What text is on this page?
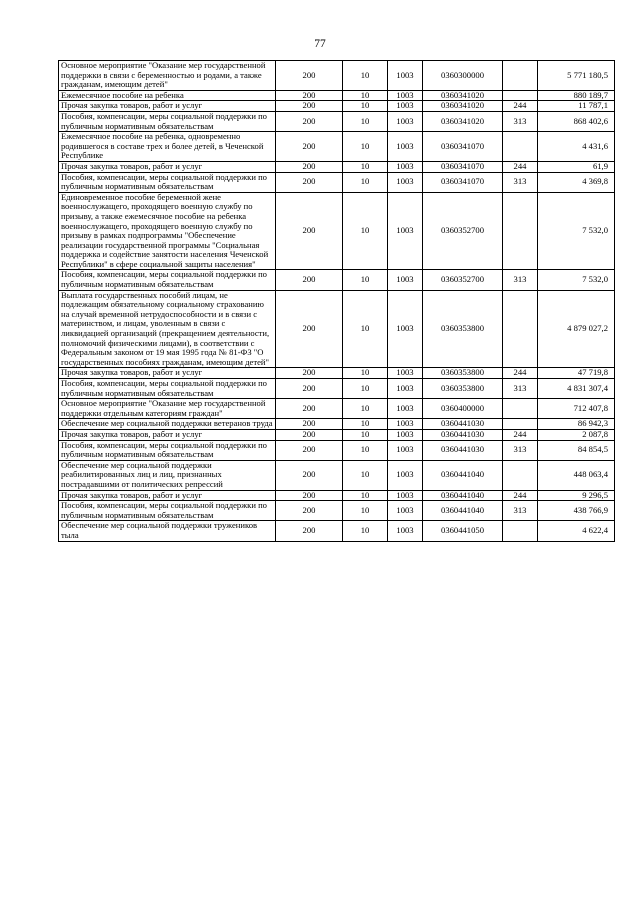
77
Основное мероприятие "Оказание мер государственной поддержки в связи с беременностью и родами, а также гражданам, имеющим детей"	200	10	1003	0360300000		5 771 180,5
Ежемесячное пособие на ребенка	200	10	1003	0360341020		880 189,7
Прочая закупка товаров, работ и услуг	200	10	1003	0360341020	244	11 787,1
Пособия, компенсации, меры социальной поддержки по публичным нормативным обязательствам	200	10	1003	0360341020	313	868 402,6
Ежемесячное пособие на ребенка, одновременно родившегося в составе трех и более детей, в Чеченской Республике	200	10	1003	0360341070		4 431,6
Прочая закупка товаров, работ и услуг	200	10	1003	0360341070	244	61,9
Пособия, компенсации, меры социальной поддержки по публичным нормативным обязательствам	200	10	1003	0360341070	313	4 369,8
Единовременное пособие беременной жене военнослужащего, проходящего военную службу по призыву, а также ежемесячное пособие на ребенка военнослужащего, проходящего военную службу по призыву в рамках подпрограммы "Обеспечение реализации государственной программы "Социальная поддержка и содействие занятости населения Чеченской Республики" в сфере социальной защиты населения"	200	10	1003	0360352700		7 532,0
Пособия, компенсации, меры социальной поддержки по публичным нормативным обязательствам	200	10	1003	0360352700	313	7 532,0
Выплата государственных пособий лицам, не подлежащим обязательному социальному страхованию на случай временной нетрудоспособности и в связи с материнством, и лицам, уволенным в связи с ликвидацией организаций (прекращением деятельности, полномочий физическими лицами), в соответствии с Федеральным законом от 19 мая 1995 года № 81-ФЗ "О государственных пособиях гражданам, имеющим детей"	200	10	1003	0360353800		4 879 027,2
Прочая закупка товаров, работ и услуг	200	10	1003	0360353800	244	47 719,8
Пособия, компенсации, меры социальной поддержки по публичным нормативным обязательствам	200	10	1003	0360353800	313	4 831 307,4
Основное мероприятие "Оказание мер государственной поддержки отдельным категориям граждан"	200	10	1003	0360400000		712 407,8
Обеспечение мер социальной поддержки ветеранов труда	200	10	1003	0360441030		86 942,3
Прочая закупка товаров, работ и услуг	200	10	1003	0360441030	244	2 087,8
Пособия, компенсации, меры социальной поддержки по публичным нормативным обязательствам	200	10	1003	0360441030	313	84 854,5
Обеспечение мер социальной поддержки реабилитированных лиц и лиц, признанных пострадавшими от политических репрессий	200	10	1003	0360441040		448 063,4
Прочая закупка товаров, работ и услуг	200	10	1003	0360441040	244	9 296,5
Пособия, компенсации, меры социальной поддержки по публичным нормативным обязательствам	200	10	1003	0360441040	313	438 766,9
Обеспечение мер социальной поддержки тружеников тыла	200	10	1003	0360441050		4 622,4
